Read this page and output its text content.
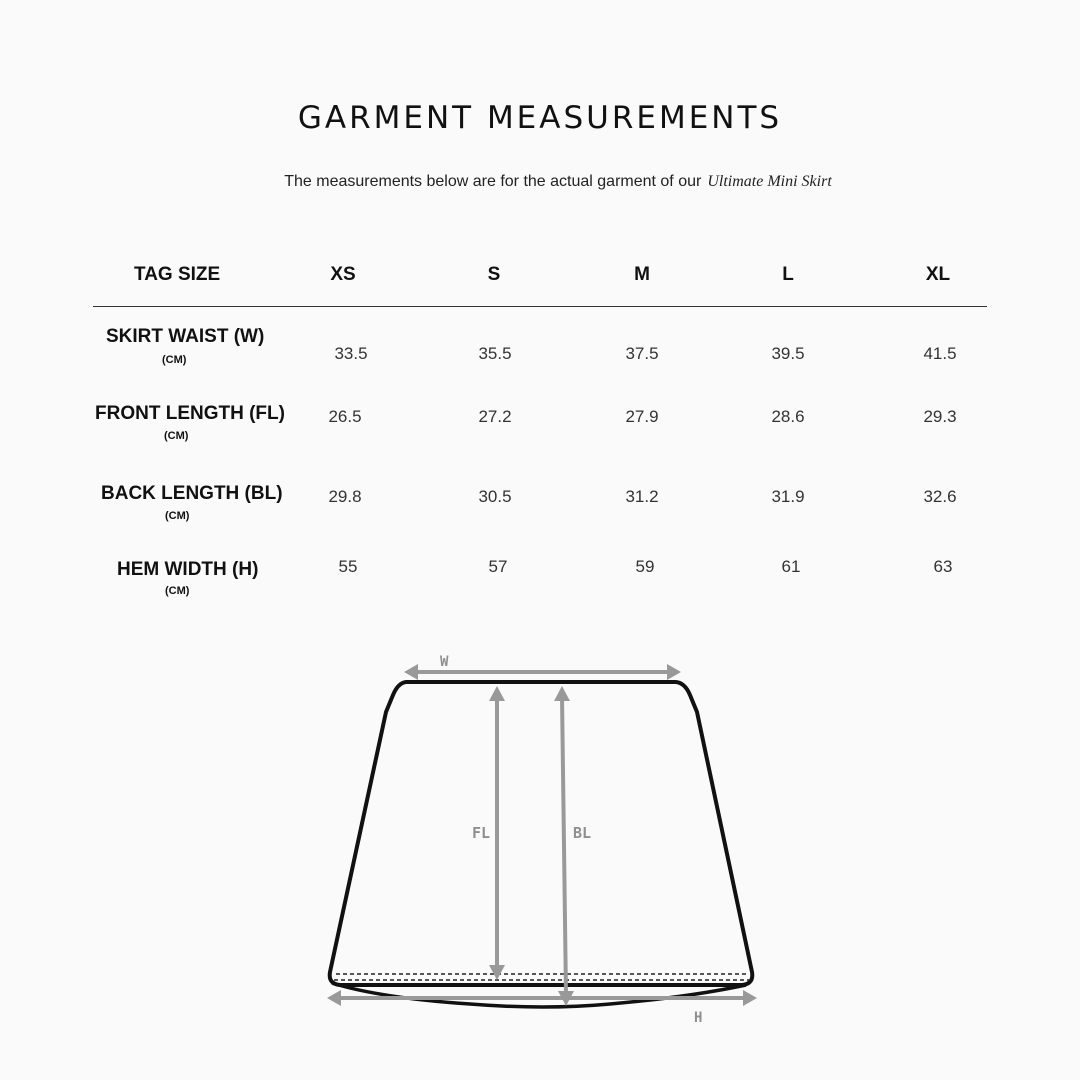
GARMENT MEASUREMENTS
The measurements below are for the actual garment of our Ultimate Mini Skirt
TAG SIZE	XS	S	M	L	XL
SKIRT WAIST (W)
(CM)	33.5	35.5	37.5	39.5	41.5
FRONT LENGTH (FL)
(CM)
26.5	27.2	27.9	28.6	29.3
BACK LENGTH (BL)
(CM)
29.8	30.5	31.2	31.9	32.6
HEM WIDTH (H)
(CM)
55	57	59	61	63
W
FL	BL
H
